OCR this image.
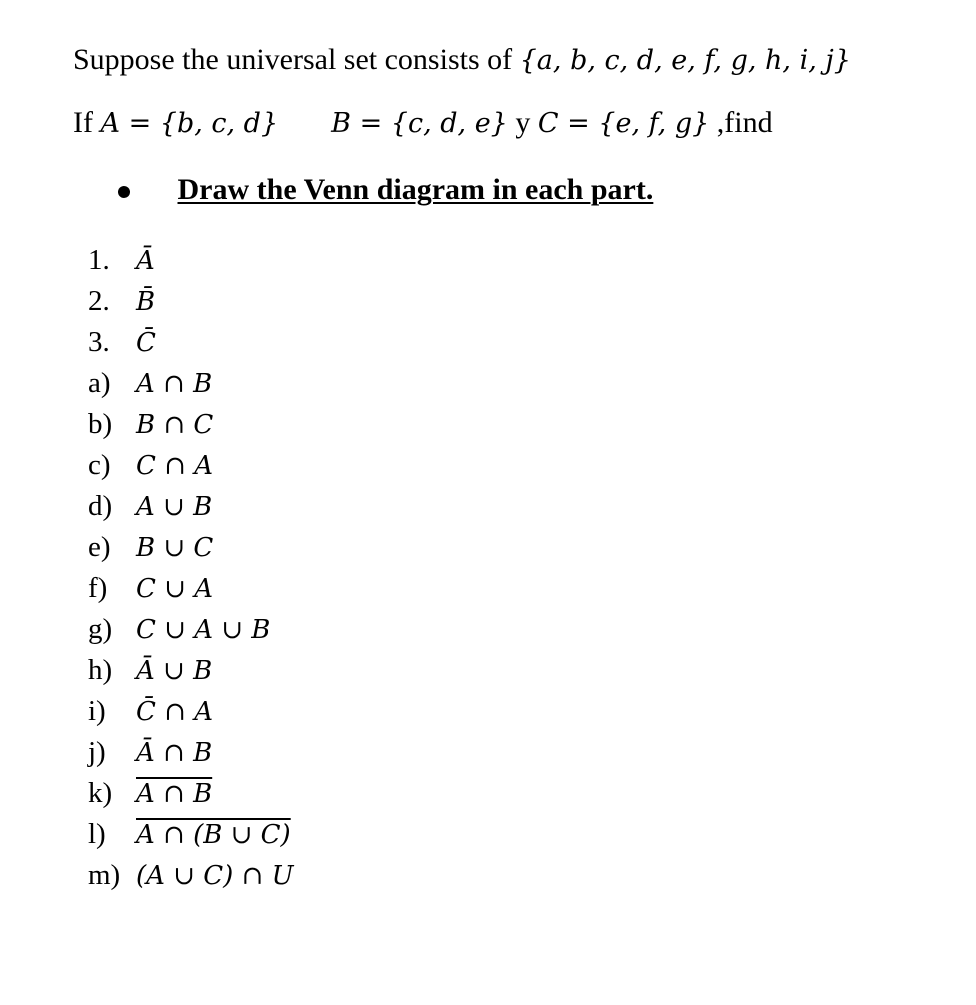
Suppose the universal set consists of {a, b, c, d, e, f, g, h, i, j}
If A = {b, c, d} B = {c, d, e} y C = {e, f, g} ,find
Draw the Venn diagram in each part.
1. Ā
2. B̄
3. C̄
a) A ∩ B
b) B ∩ C
c) C ∩ A
d) A ∪ B
e) B ∪ C
f) C ∪ A
g) C ∪ A ∪ B
h) Ā ∪ B
i) C̄ ∩ A
j) Ā ∩ B
k) A ∩ B
l) A ∩ (B ∪ C)
m) (A ∪ C) ∩ U
